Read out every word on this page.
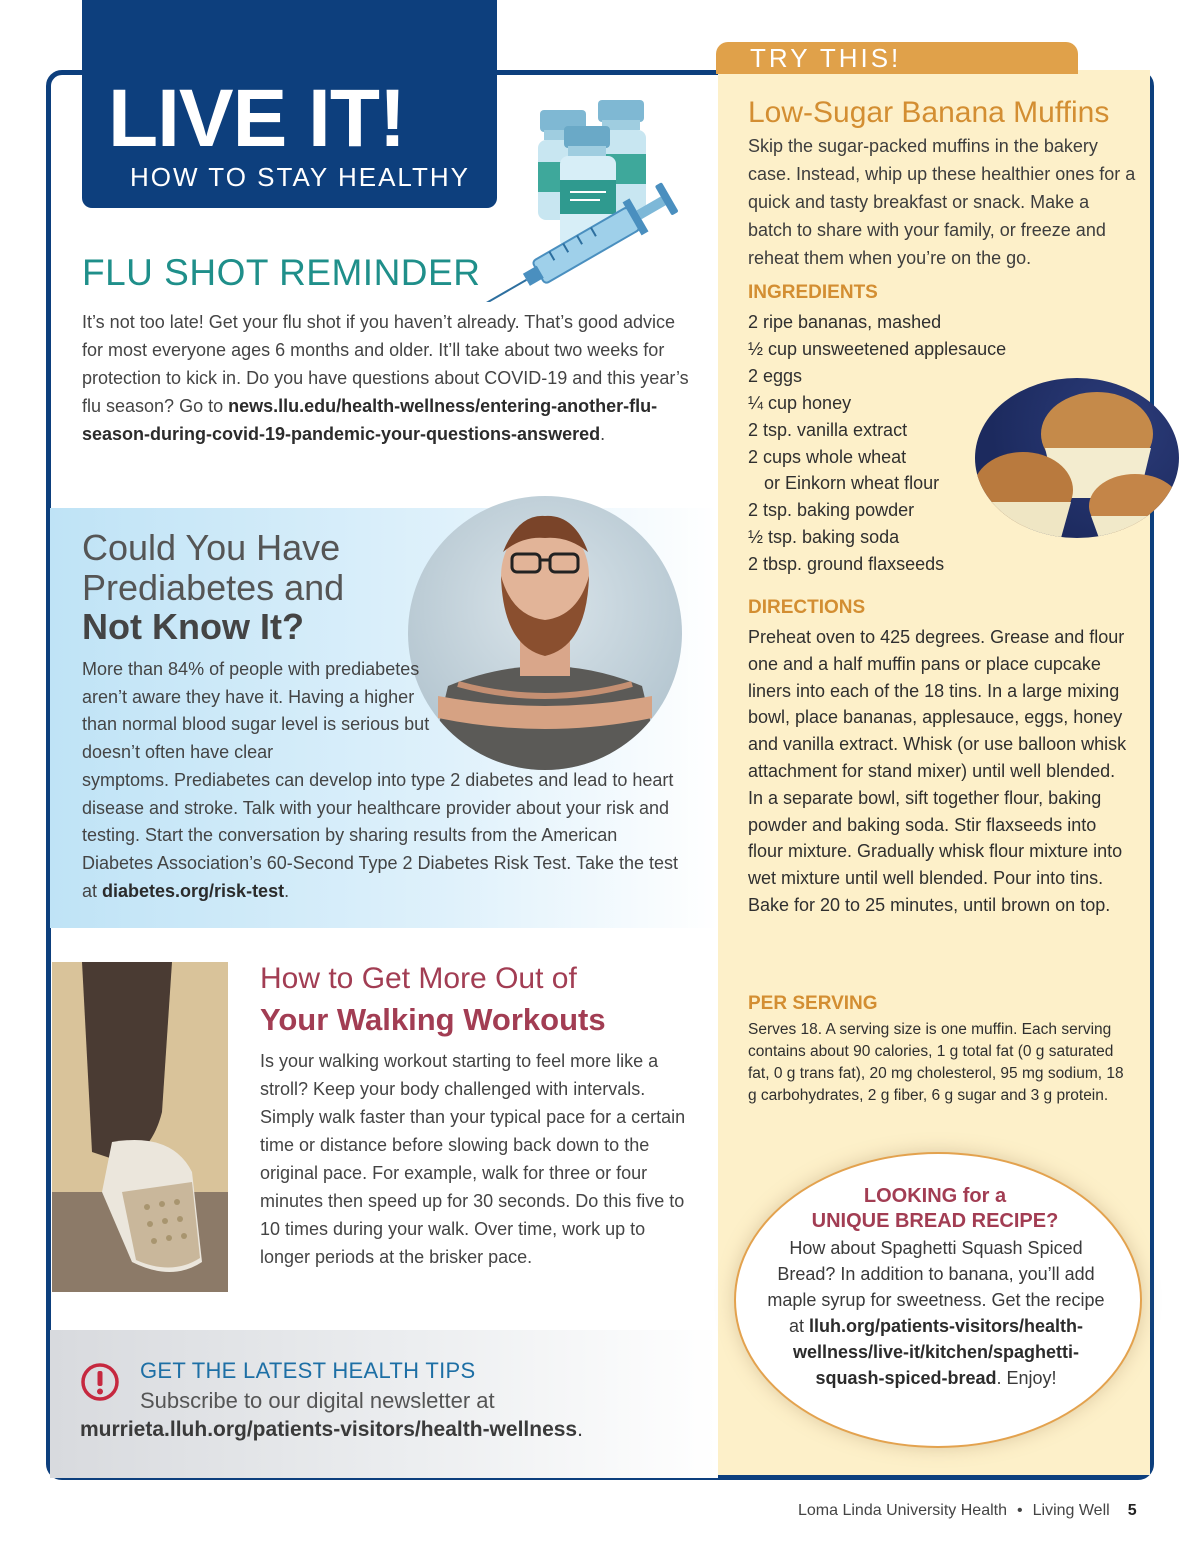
TRY THIS!
LIVE IT!
HOW TO STAY HEALTHY
FLU SHOT REMINDER
It’s not too late! Get your flu shot if you haven’t already. That’s good advice for most everyone ages 6 months and older. It’ll take about two weeks for protection to kick in. Do you have questions about COVID-19 and this year’s flu season? Go to news.llu.edu/health-wellness/entering-another-flu-season-during-covid-19-pandemic-your-questions-answered.
Could You Have Prediabetes and
Not Know It?
More than 84% of people with prediabetes aren’t aware they have it. Having a higher than normal blood sugar level is serious but doesn’t often have clear
symptoms. Prediabetes can develop into type 2 diabetes and lead to heart disease and stroke. Talk with your healthcare provider about your risk and testing. Start the conversation by sharing results from the American Diabetes Association’s 60-Second Type 2 Diabetes Risk Test. Take the test at diabetes.org/risk-test.
How to Get More Out of
Your Walking Workouts
Is your walking workout starting to feel more like a stroll? Keep your body challenged with intervals. Simply walk faster than your typical pace for a certain time or distance before slowing back down to the original pace. For example, walk for three or four minutes then speed up for 30 seconds. Do this five to 10 times during your walk. Over time, work up to longer periods at the brisker pace.
GET THE LATEST HEALTH TIPS
Subscribe to our digital newsletter at
murrieta.lluh.org/patients-visitors/health-wellness.
Low-Sugar Banana Muffins
Skip the sugar-packed muffins in the bakery case. Instead, whip up these healthier ones for a quick and tasty breakfast or snack. Make a batch to share with your family, or freeze and reheat them when you’re on the go.
INGREDIENTS
2 ripe bananas, mashed
½ cup unsweetened applesauce
2 eggs
¼ cup honey
2 tsp. vanilla extract
2 cups whole wheat
or Einkorn wheat flour
2 tsp. baking powder
½ tsp. baking soda
2 tbsp. ground flaxseeds
DIRECTIONS
Preheat oven to 425 degrees. Grease and flour one and a half muffin pans or place cupcake liners into each of the 18 tins. In a large mixing bowl, place bananas, applesauce, eggs, honey and vanilla extract. Whisk (or use balloon whisk attachment for stand mixer) until well blended. In a separate bowl, sift together flour, baking powder and baking soda. Stir flaxseeds into flour mixture. Gradually whisk flour mixture into wet mixture until well blended. Pour into tins. Bake for 20 to 25 minutes, until brown on top.
PER SERVING
Serves 18. A serving size is one muffin. Each serving contains about 90 calories, 1 g total fat (0 g saturated fat, 0 g trans fat), 20 mg cholesterol, 95 mg sodium, 18 g carbohydrates, 2 g fiber, 6 g sugar and 3 g protein.
LOOKING for a
UNIQUE BREAD RECIPE?
How about Spaghetti Squash Spiced Bread? In addition to banana, you’ll add maple syrup for sweetness. Get the recipe at lluh.org/patients-visitors/health-wellness/live-it/kitchen/spaghetti-squash-spiced-bread. Enjoy!
Loma Linda University Health • Living Well 5
